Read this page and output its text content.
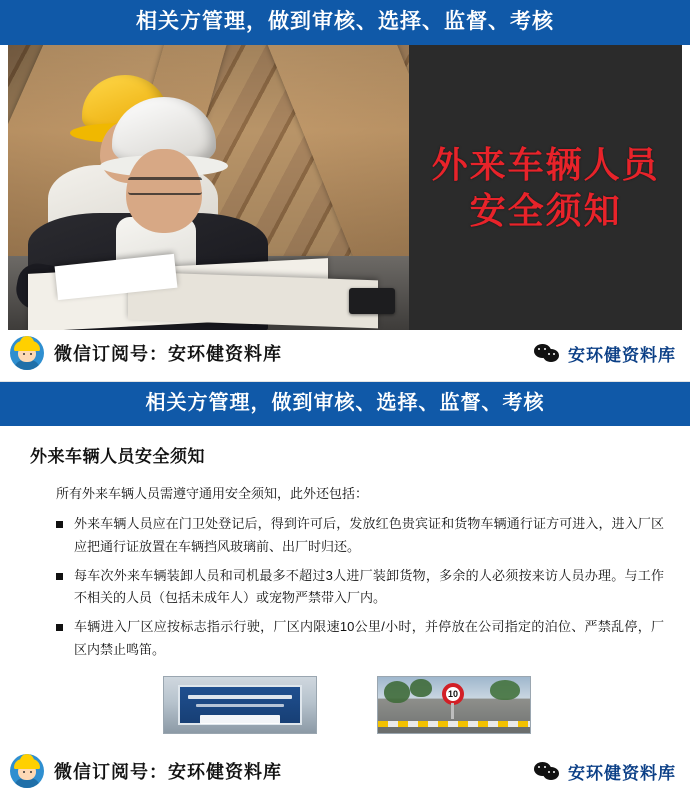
相关方管理，做到审核、选择、监督、考核
外来车辆人员
安全须知
微信订阅号：安环健资料库	安环健资料库
相关方管理，做到审核、选择、监督、考核
外来车辆人员安全须知

所有外来车辆人员需遵守通用安全须知，此外还包括：

外来车辆人员应在门卫处登记后，得到许可后，发放红色贵宾证和货物车辆通行证方可进入，进入厂区应把通行证放置在车辆挡风玻璃前、出厂时归还。
每车次外来车辆装卸人员和司机最多不超过3人进厂装卸货物，多余的人必须按来访人员办理。与工作不相关的人员（包括未成年人）或宠物严禁带入厂内。
车辆进入厂区应按标志指示行驶，厂区内限速10公里/小时，并停放在公司指定的泊位、严禁乱停，厂区内禁止鸣笛。
10
微信订阅号：安环健资料库	安环健资料库
